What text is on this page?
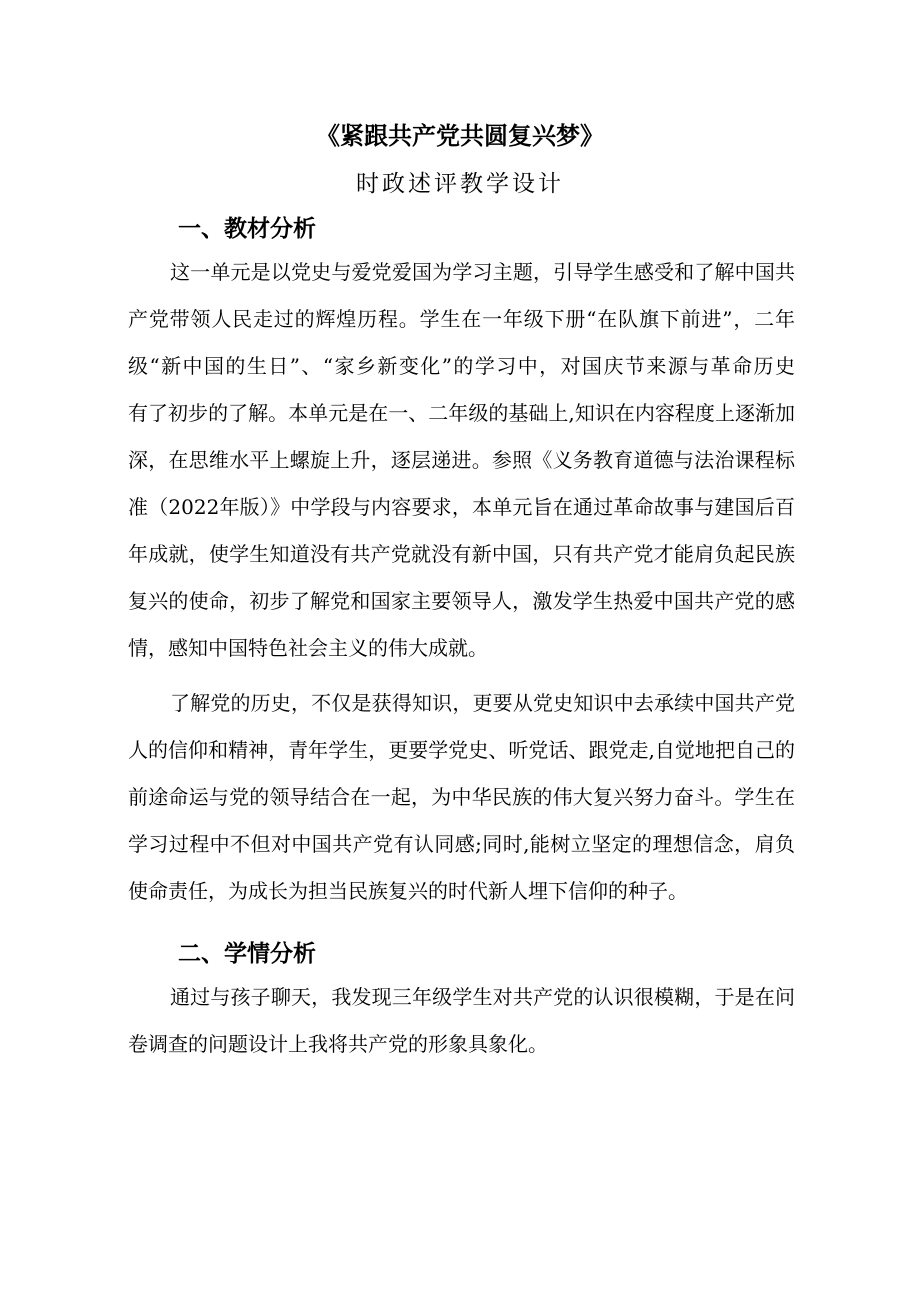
《紧跟共产党共圆复兴梦》
时政述评教学设计
一、教材分析
这一单元是以党史与爱党爱国为学习主题，引导学生感受和了解中国共
产党带领人民走过的辉煌历程。学生在一年级下册“在队旗下前进”，二年
级“新中国的生日”、“家乡新变化”的学习中，对国庆节来源与革命历史
有了初步的了解。本单元是在一、二年级的基础上,知识在内容程度上逐渐加
深，在思维水平上螺旋上升，逐层递进。参照《义务教育道德与法治课程标
准（2022年版）》中学段与内容要求，本单元旨在通过革命故事与建国后百
年成就，使学生知道没有共产党就没有新中国，只有共产党才能肩负起民族
复兴的使命，初步了解党和国家主要领导人，激发学生热爱中国共产党的感
情，感知中国特色社会主义的伟大成就。
了解党的历史，不仅是获得知识，更要从党史知识中去承续中国共产党
人的信仰和精神，青年学生，更要学党史、听党话、跟党走,自觉地把自己的
前途命运与党的领导结合在一起，为中华民族的伟大复兴努力奋斗。学生在
学习过程中不但对中国共产党有认同感;同时,能树立坚定的理想信念，肩负
使命责任，为成长为担当民族复兴的时代新人埋下信仰的种子。
二、学情分析
通过与孩子聊天，我发现三年级学生对共产党的认识很模糊，于是在问
卷调查的问题设计上我将共产党的形象具象化。
